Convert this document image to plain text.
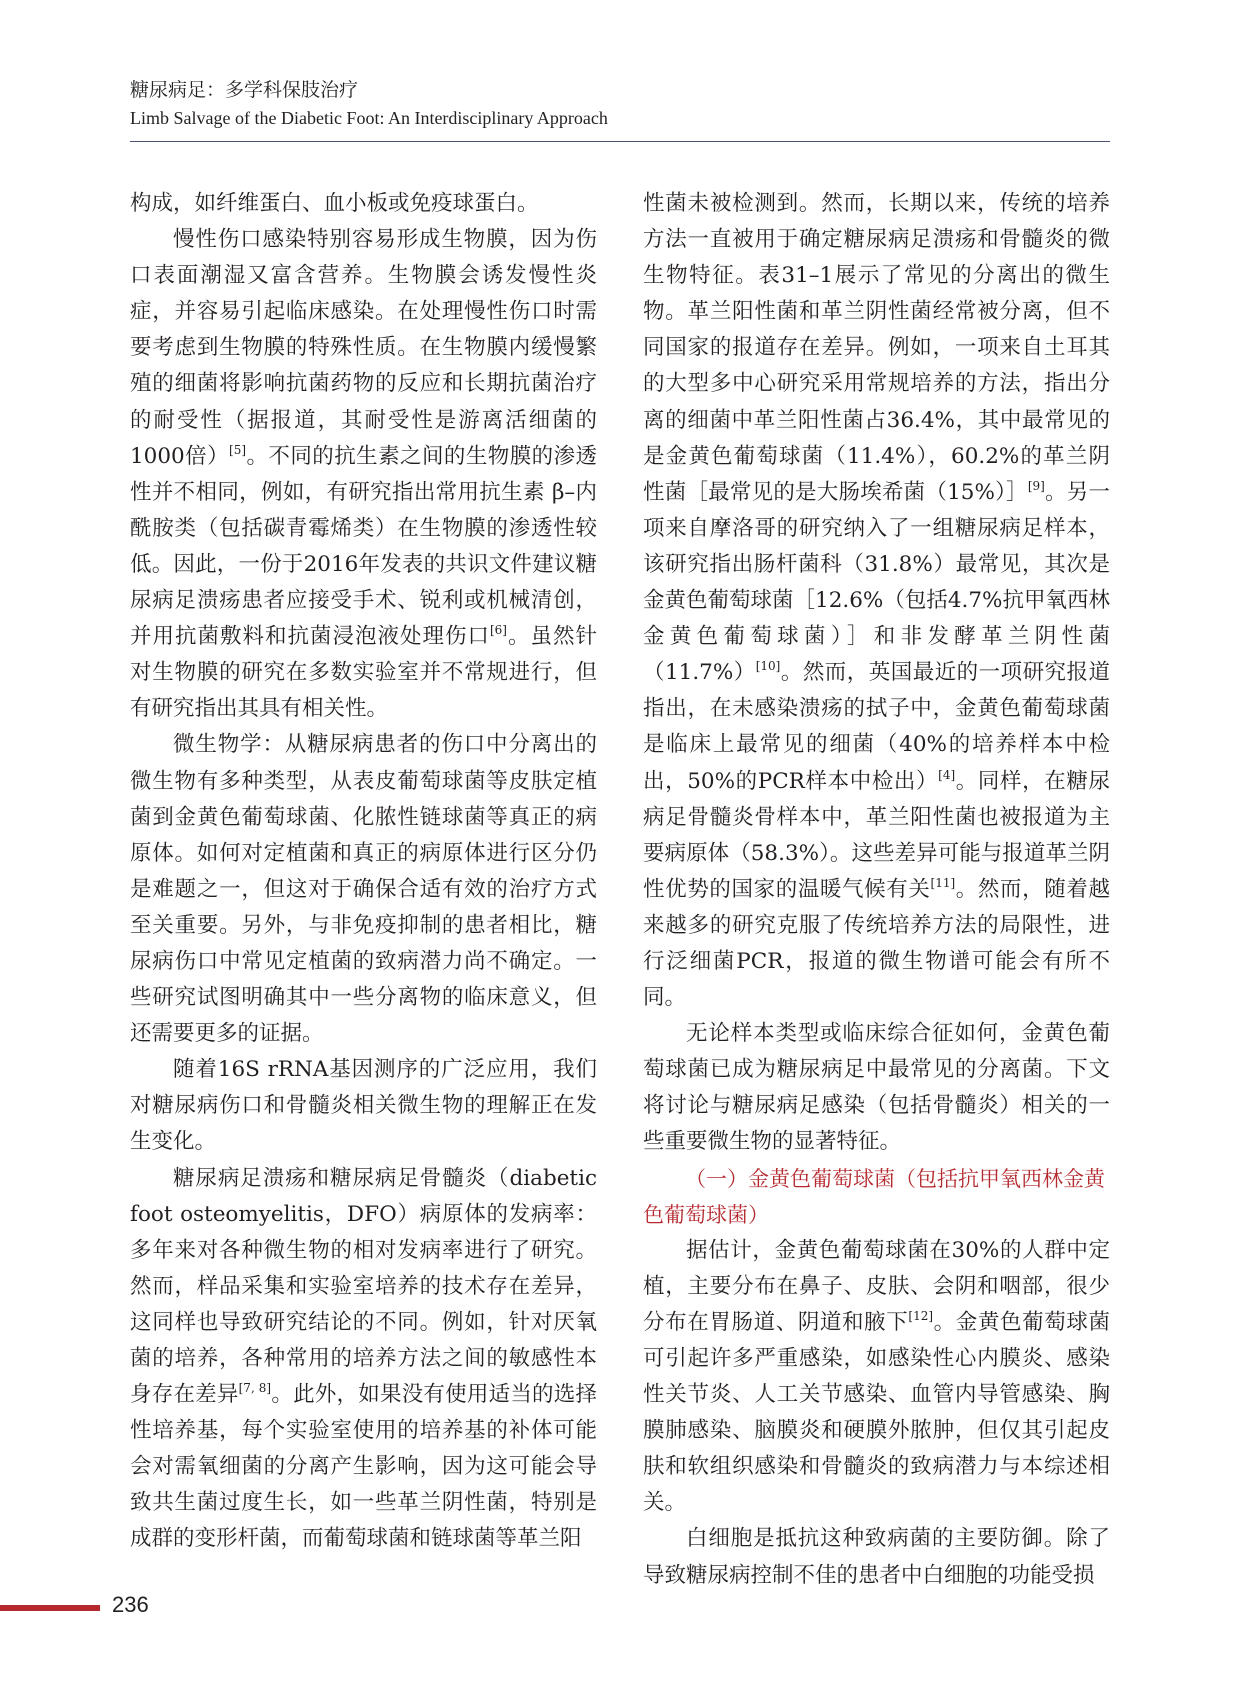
糖尿病足：多学科保肢治疗

Limb Salvage of the Diabetic Foot: An Interdisciplinary Approach

构成，如纤维蛋白、血小板或免疫球蛋白。

慢性伤口感染特别容易形成生物膜，因为伤口表面潮湿又富含营养。生物膜会诱发慢性炎症，并容易引起临床感染。在处理慢性伤口时需要考虑到生物膜的特殊性质。在生物膜内缓慢繁殖的细菌将影响抗菌药物的反应和长期抗菌治疗的耐受性（据报道，其耐受性是游离活细菌的1000倍）[5]。不同的抗生素之间的生物膜的渗透性并不相同，例如，有研究指出常用抗生素 β–内酰胺类（包括碳青霉烯类）在生物膜的渗透性较低。因此，一份于2016年发表的共识文件建议糖尿病足溃疡患者应接受手术、锐利或机械清创，并用抗菌敷料和抗菌浸泡液处理伤口[6]。虽然针对生物膜的研究在多数实验室并不常规进行，但有研究指出其具有相关性。

微生物学：从糖尿病患者的伤口中分离出的微生物有多种类型，从表皮葡萄球菌等皮肤定植菌到金黄色葡萄球菌、化脓性链球菌等真正的病原体。如何对定植菌和真正的病原体进行区分仍是难题之一，但这对于确保合适有效的治疗方式至关重要。另外，与非免疫抑制的患者相比，糖尿病伤口中常见定植菌的致病潜力尚不确定。一些研究试图明确其中一些分离物的临床意义，但还需要更多的证据。

随着16S rRNA基因测序的广泛应用，我们对糖尿病伤口和骨髓炎相关微生物的理解正在发生变化。

糖尿病足溃疡和糖尿病足骨髓炎（diabetic foot osteomyelitis，DFO）病原体的发病率：多年来对各种微生物的相对发病率进行了研究。然而，样品采集和实验室培养的技术存在差异，这同样也导致研究结论的不同。例如，针对厌氧菌的培养，各种常用的培养方法之间的敏感性本身存在差异[7, 8]。此外，如果没有使用适当的选择性培养基，每个实验室使用的培养基的补体可能会对需氧细菌的分离产生影响，因为这可能会导致共生菌过度生长，如一些革兰阴性菌，特别是成群的变形杆菌，而葡萄球菌和链球菌等革兰阳

性菌未被检测到。然而，长期以来，传统的培养方法一直被用于确定糖尿病足溃疡和骨髓炎的微生物特征。表31–1展示了常见的分离出的微生物。革兰阳性菌和革兰阴性菌经常被分离，但不同国家的报道存在差异。例如，一项来自土耳其的大型多中心研究采用常规培养的方法，指出分离的细菌中革兰阳性菌占36.4%，其中最常见的是金黄色葡萄球菌（11.4%），60.2%的革兰阴性菌［最常见的是大肠埃希菌（15%）］[9]。另一项来自摩洛哥的研究纳入了一组糖尿病足样本，该研究指出肠杆菌科（31.8%）最常见，其次是金黄色葡萄球菌［12.6%（包括4.7%抗甲氧西林金黄色葡萄球菌）］和非发酵革兰阴性菌（11.7%）[10]。然而，英国最近的一项研究报道指出，在未感染溃疡的拭子中，金黄色葡萄球菌是临床上最常见的细菌（40%的培养样本中检出，50%的PCR样本中检出）[4]。同样，在糖尿病足骨髓炎骨样本中，革兰阳性菌也被报道为主要病原体（58.3%）。这些差异可能与报道革兰阴性优势的国家的温暖气候有关[11]。然而，随着越来越多的研究克服了传统培养方法的局限性，进行泛细菌PCR，报道的微生物谱可能会有所不同。

无论样本类型或临床综合征如何，金黄色葡萄球菌已成为糖尿病足中最常见的分离菌。下文将讨论与糖尿病足感染（包括骨髓炎）相关的一些重要微生物的显著特征。

（一）金黄色葡萄球菌（包括抗甲氧西林金黄色葡萄球菌）

据估计，金黄色葡萄球菌在30%的人群中定植，主要分布在鼻子、皮肤、会阴和咽部，很少分布在胃肠道、阴道和腋下[12]。金黄色葡萄球菌可引起许多严重感染，如感染性心内膜炎、感染性关节炎、人工关节感染、血管内导管感染、胸膜肺感染、脑膜炎和硬膜外脓肿，但仅其引起皮肤和软组织感染和骨髓炎的致病潜力与本综述相关。

白细胞是抵抗这种致病菌的主要防御。除了导致糖尿病控制不佳的患者中白细胞的功能受损

236
